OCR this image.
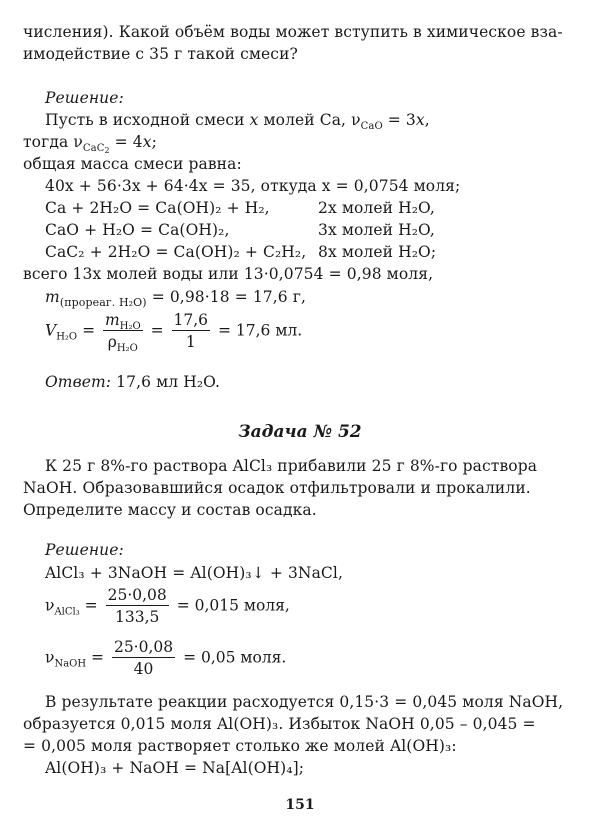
числения). Какой объём воды может вступить в химическое вза-
имодействие с 35 г такой смеси?
Решение:
Пусть в исходной смеси x молей Ca, $\nu_{CaO} = 3x$,
тогда $\nu_{CaC_2} = 4x$;
общая масса смеси равна:
40x + 56·3x + 64·4x = 35, откуда x = 0,0754 моля;
Ca + 2H₂O = Ca(OH)₂ + H₂,	2x молей H₂O,
CaO + H₂O = Ca(OH)₂,	3x молей H₂O,
CaC₂ + 2H₂O = Ca(OH)₂ + C₂H₂, 8x молей H₂O;
всего 13x молей воды или 13·0,0754 = 0,98 моля,
$m_{(прореаг. H_2O)} = 0,98\cdot 18 = 17,6$ г,
$V_{H_2O} = \frac{m_{H_2O}}{\rho_{H_2O}} = \frac{17,6}{1} = 17,6$ мл.
Ответ: 17,6 мл H₂O.
Задача № 52
К 25 г 8%-го раствора AlCl₃ прибавили 25 г 8%-го раствора
NaOH. Образовавшийся осадок отфильтровали и прокалили.
Определите массу и состав осадка.
Решение:
AlCl₃ + 3NaOH = Al(OH)₃↓ + 3NaCl,
$\nu_{AlCl_3} = \frac{25\cdot 0,08}{133,5} = 0,015$ моля,
$\nu_{NaOH} = \frac{25\cdot 0,08}{40} = 0,05$ моля.
В результате реакции расходуется 0,15·3 = 0,045 моля NaOH,
образуется 0,015 моля Al(OH)₃. Избыток NaOH 0,05 – 0,045 =
= 0,005 моля растворяет столько же молей Al(OH)₃:
Al(OH)₃ + NaOH = Na[Al(OH)₄];
151
